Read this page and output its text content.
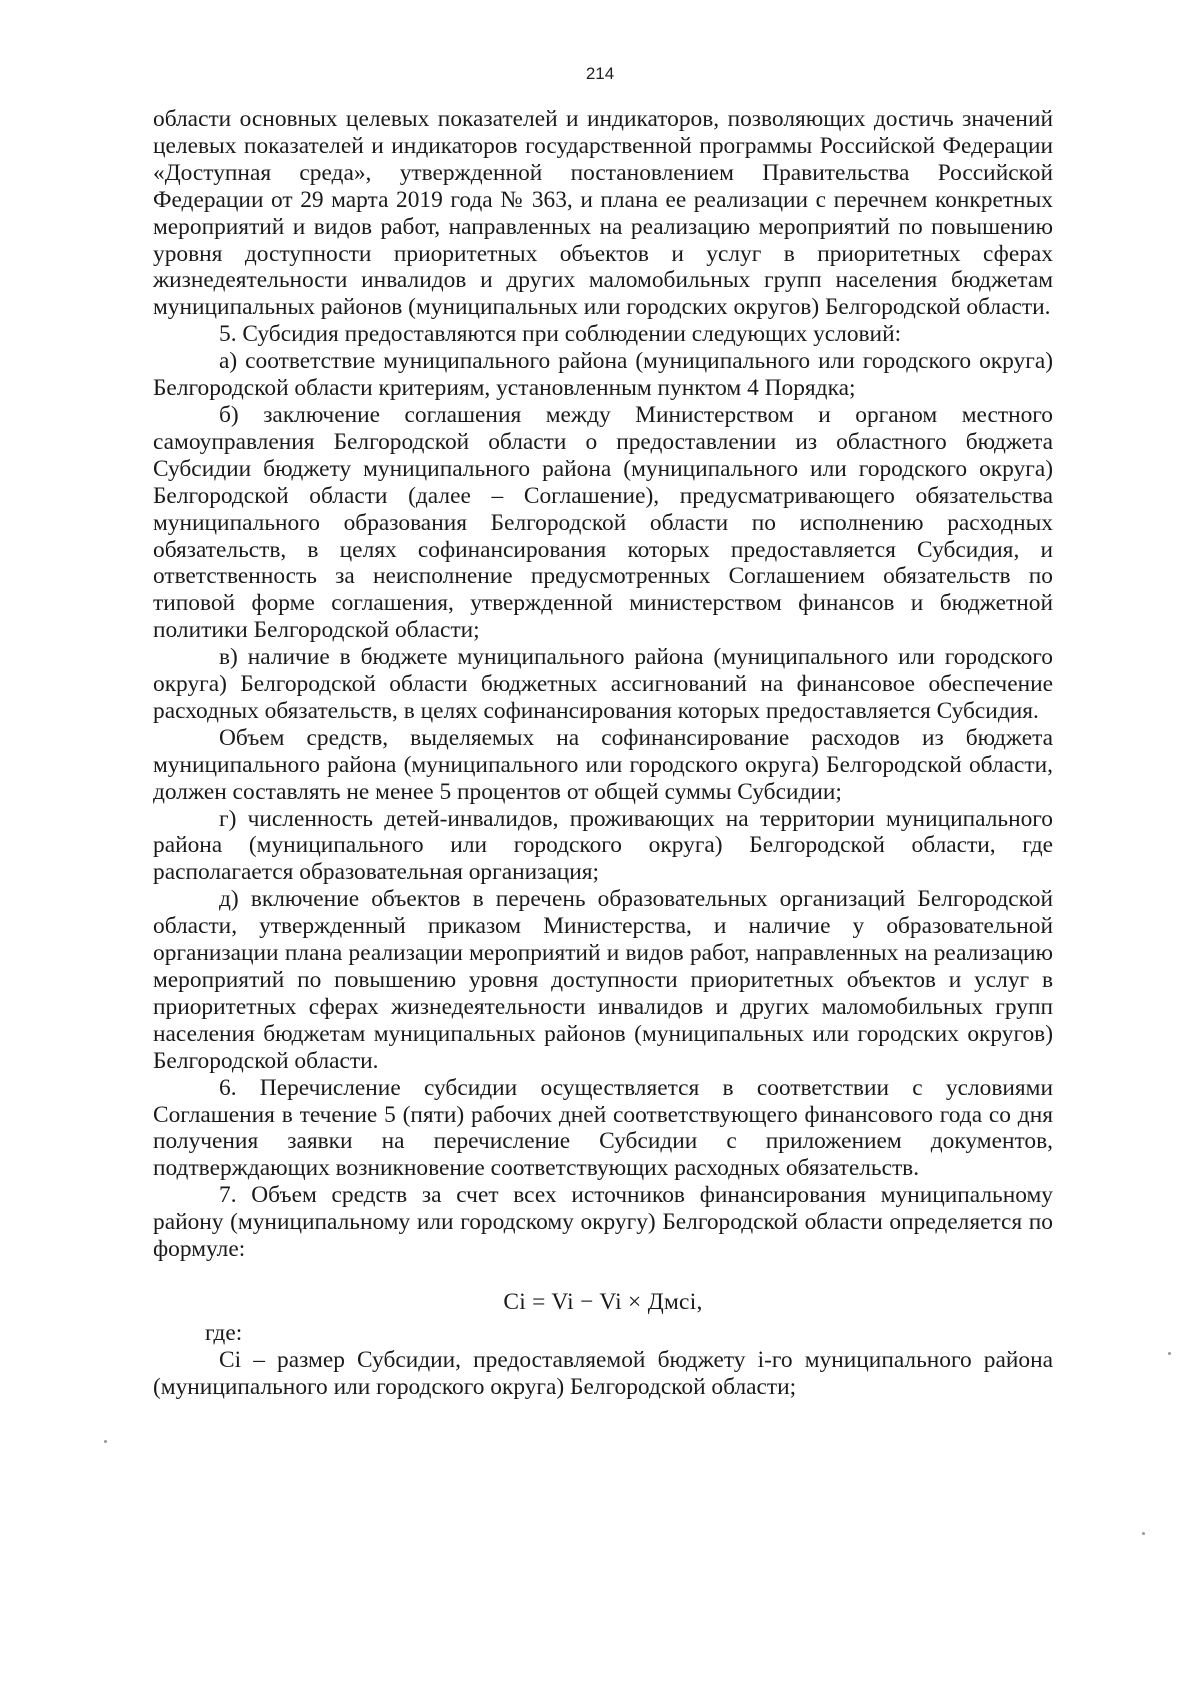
214

области основных целевых показателей и индикаторов, позволяющих достичь значений целевых показателей и индикаторов государственной программы Российской Федерации «Доступная среда», утвержденной постановлением Правительства Российской Федерации от 29 марта 2019 года № 363, и плана ее реализации с перечнем конкретных мероприятий и видов работ, направленных на реализацию мероприятий по повышению уровня доступности приоритетных объектов и услуг в приоритетных сферах жизнедеятельности инвалидов и других маломобильных групп населения бюджетам муниципальных районов (муниципальных или городских округов) Белгородской области.

5. Субсидия предоставляются при соблюдении следующих условий:

а) соответствие муниципального района (муниципального или городского округа) Белгородской области критериям, установленным пунктом 4 Порядка;

б) заключение соглашения между Министерством и органом местного самоуправления Белгородской области о предоставлении из областного бюджета Субсидии бюджету муниципального района (муниципального или городского округа) Белгородской области (далее – Соглашение), предусматривающего обязательства муниципального образования Белгородской области по исполнению расходных обязательств, в целях софинансирования которых предоставляется Субсидия, и ответственность за неисполнение предусмотренных Соглашением обязательств по типовой форме соглашения, утвержденной министерством финансов и бюджетной политики Белгородской области;

в) наличие в бюджете муниципального района (муниципального или городского округа) Белгородской области бюджетных ассигнований на финансовое обеспечение расходных обязательств, в целях софинансирования которых предоставляется Субсидия.

Объем средств, выделяемых на софинансирование расходов из бюджета муниципального района (муниципального или городского округа) Белгородской области, должен составлять не менее 5 процентов от общей суммы Субсидии;

г) численность детей-инвалидов, проживающих на территории муниципального района (муниципального или городского округа) Белгородской области, где располагается образовательная организация;

д) включение объектов в перечень образовательных организаций Белгородской области, утвержденный приказом Министерства, и наличие у образовательной организации плана реализации мероприятий и видов работ, направленных на реализацию мероприятий по повышению уровня доступности приоритетных объектов и услуг в приоритетных сферах жизнедеятельности инвалидов и других маломобильных групп населения бюджетам муниципальных районов (муниципальных или городских округов) Белгородской области.

6. Перечисление субсидии осуществляется в соответствии с условиями Соглашения в течение 5 (пяти) рабочих дней соответствующего финансового года со дня получения заявки на перечисление Субсидии с приложением документов, подтверждающих возникновение соответствующих расходных обязательств.

7. Объем средств за счет всех источников финансирования муниципальному району (муниципальному или городскому округу) Белгородской области определяется по формуле:

Ci = Vi − Vi × Дмсi,

где:

Ci – размер Субсидии, предоставляемой бюджету i-го муниципального района (муниципального или городского округа) Белгородской области;
